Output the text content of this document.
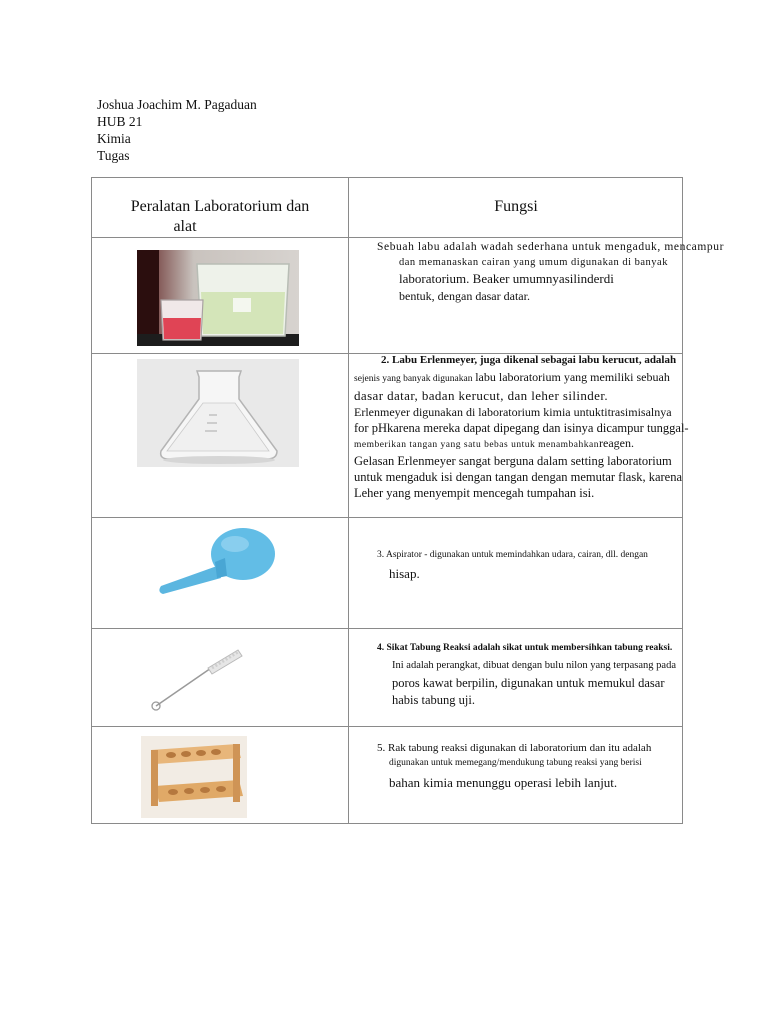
Joshua Joachim M. Pagaduan
HUB 21
Kimia
Tugas
Peralatan Laboratorium dan
alat
Fungsi
Sebuah labu adalah wadah sederhana untuk mengaduk, mencampur
dan memanaskan cairan yang umum digunakan di banyak
laboratorium. Beaker umumnyasilinderdi
bentuk, dengan dasar datar.
2. Labu Erlenmeyer, juga dikenal sebagai labu kerucut, adalah
sejenis yang banyak digunakan labu laboratorium yang memiliki sebuah
dasar datar, badan kerucut, dan leher silinder.
Erlenmeyer digunakan di laboratorium kimia untuktitrasimisalnya
for pHkarena mereka dapat dipegang dan isinya dicampur tunggal-
memberikan tangan yang satu bebas untuk menambahkanreagen.
Gelasan Erlenmeyer sangat berguna dalam setting laboratorium
untuk mengaduk isi dengan tangan dengan memutar flask, karena
Leher yang menyempit mencegah tumpahan isi.
3. Aspirator - digunakan untuk memindahkan udara, cairan, dll. dengan
hisap.
4. Sikat Tabung Reaksi adalah sikat untuk membersihkan tabung reaksi.
Ini adalah perangkat, dibuat dengan bulu nilon yang terpasang pada
poros kawat berpilin, digunakan untuk memukul dasar
habis tabung uji.
5. Rak tabung reaksi digunakan di laboratorium dan itu adalah
digunakan untuk memegang/mendukung tabung reaksi yang berisi
bahan kimia menunggu operasi lebih lanjut.
